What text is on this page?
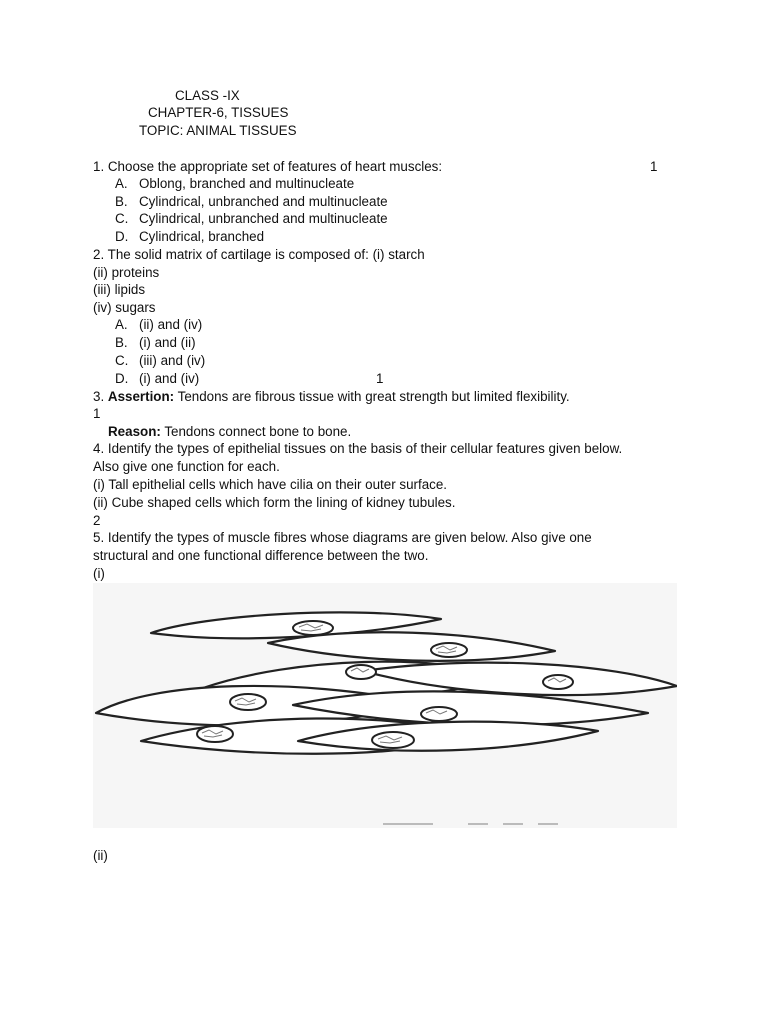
CLASS -IX
CHAPTER-6, TISSUES
TOPIC: ANIMAL TISSUES
1. Choose the appropriate set of features of heart muscles:	1
A. Oblong, branched and multinucleate
B. Cylindrical, unbranched and multinucleate
C. Cylindrical, unbranched and multinucleate
D. Cylindrical, branched
2. The solid matrix of cartilage is composed of: (i) starch
(ii) proteins
(iii) lipids
(iv) sugars
A. (ii) and (iv)
B. (i) and (ii)
C. (iii) and (iv)
D. (i) and (iv)	1
3. Assertion: Tendons are fibrous tissue with great strength but limited flexibility.
1
Reason: Tendons connect bone to bone.
4. Identify the types of epithelial tissues on the basis of their cellular features given below.
Also give one function for each.
(i) Tall epithelial cells which have cilia on their outer surface.
(ii) Cube shaped cells which form the lining of kidney tubules.
2
5. Identify the types of muscle fibres whose diagrams are given below. Also give one
structural and one functional difference between the two.
(i)
(ii)
